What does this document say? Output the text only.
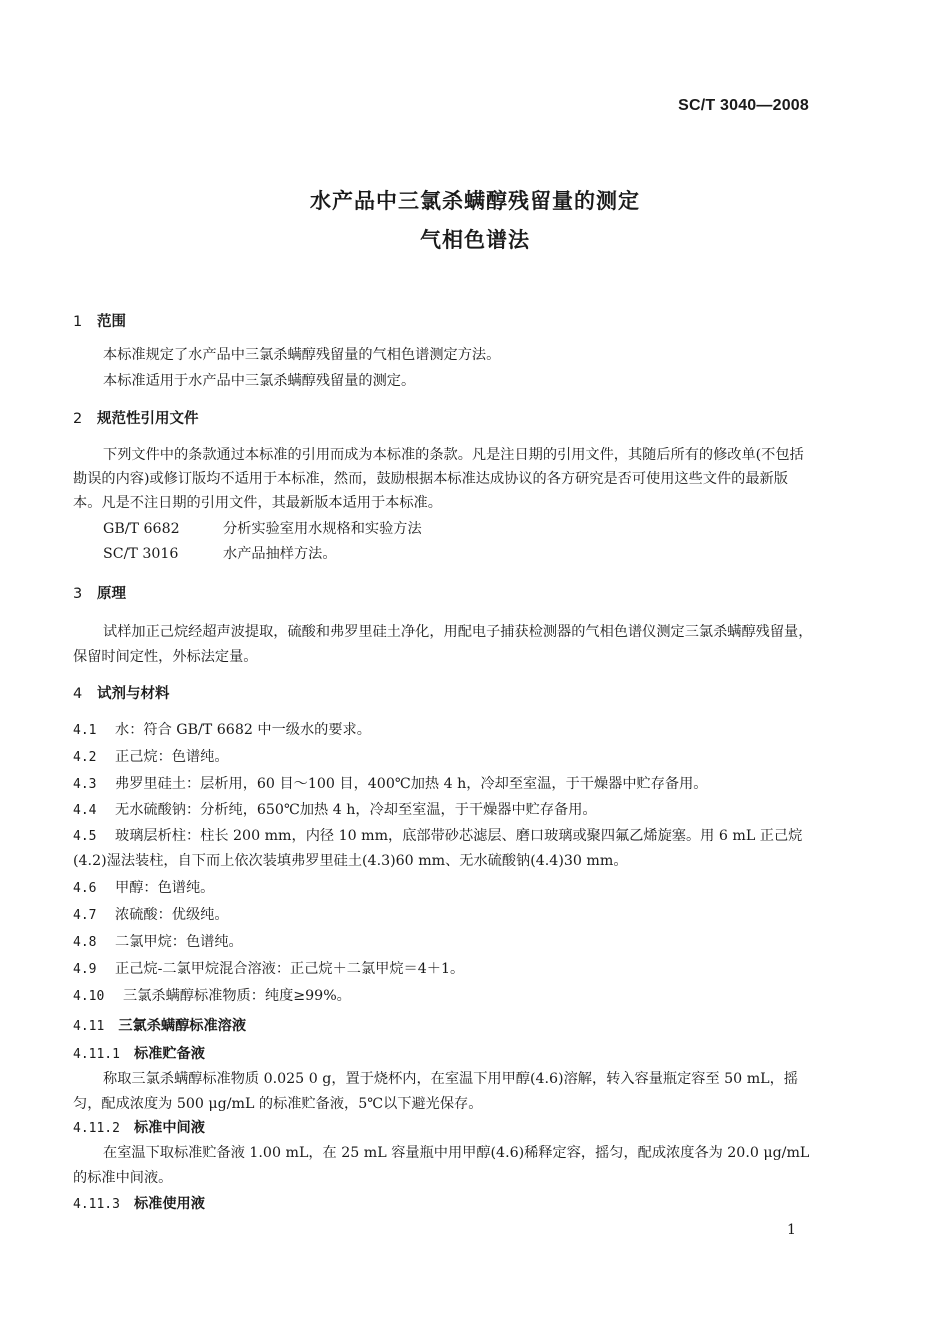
SC/T 3040—2008
水产品中三氯杀螨醇残留量的测定
气相色谱法
1 范围
本标准规定了水产品中三氯杀螨醇残留量的气相色谱测定方法。
本标准适用于水产品中三氯杀螨醇残留量的测定。
2 规范性引用文件
下列文件中的条款通过本标准的引用而成为本标准的条款。凡是注日期的引用文件，其随后所有的修改单(不包括勘误的内容)或修订版均不适用于本标准，然而，鼓励根据本标准达成协议的各方研究是否可使用这些文件的最新版本。凡是不注日期的引用文件，其最新版本适用于本标准。
GB/T 6682	分析实验室用水规格和实验方法
SC/T 3016	水产品抽样方法。
3 原理
试样加正己烷经超声波提取，硫酸和弗罗里硅土净化，用配电子捕获检测器的气相色谱仪测定三氯杀螨醇残留量，保留时间定性，外标法定量。
4 试剂与材料
4.1 水：符合 GB/T 6682 中一级水的要求。
4.2 正己烷：色谱纯。
4.3 弗罗里硅土：层析用，60 目～100 目，400℃加热 4 h，冷却至室温，于干燥器中贮存备用。
4.4 无水硫酸钠：分析纯，650℃加热 4 h，冷却至室温，于干燥器中贮存备用。
4.5 玻璃层析柱：柱长 200 mm，内径 10 mm，底部带砂芯滤层、磨口玻璃或聚四氟乙烯旋塞。用 6 mL 正己烷(4.2)湿法装柱，自下而上依次装填弗罗里硅土(4.3)60 mm、无水硫酸钠(4.4)30 mm。
4.6 甲醇：色谱纯。
4.7 浓硫酸：优级纯。
4.8 二氯甲烷：色谱纯。
4.9 正己烷-二氯甲烷混合溶液：正己烷＋二氯甲烷＝4＋1。
4.10 三氯杀螨醇标准物质：纯度≥99%。
4.11 三氯杀螨醇标准溶液
4.11.1 标准贮备液
称取三氯杀螨醇标准物质 0.025 0 g，置于烧杯内，在室温下用甲醇(4.6)溶解，转入容量瓶定容至 50 mL，摇匀，配成浓度为 500 μg/mL 的标准贮备液，5℃以下避光保存。
4.11.2 标准中间液
在室温下取标准贮备液 1.00 mL，在 25 mL 容量瓶中用甲醇(4.6)稀释定容，摇匀，配成浓度各为 20.0 μg/mL 的标准中间液。
4.11.3 标准使用液
1
